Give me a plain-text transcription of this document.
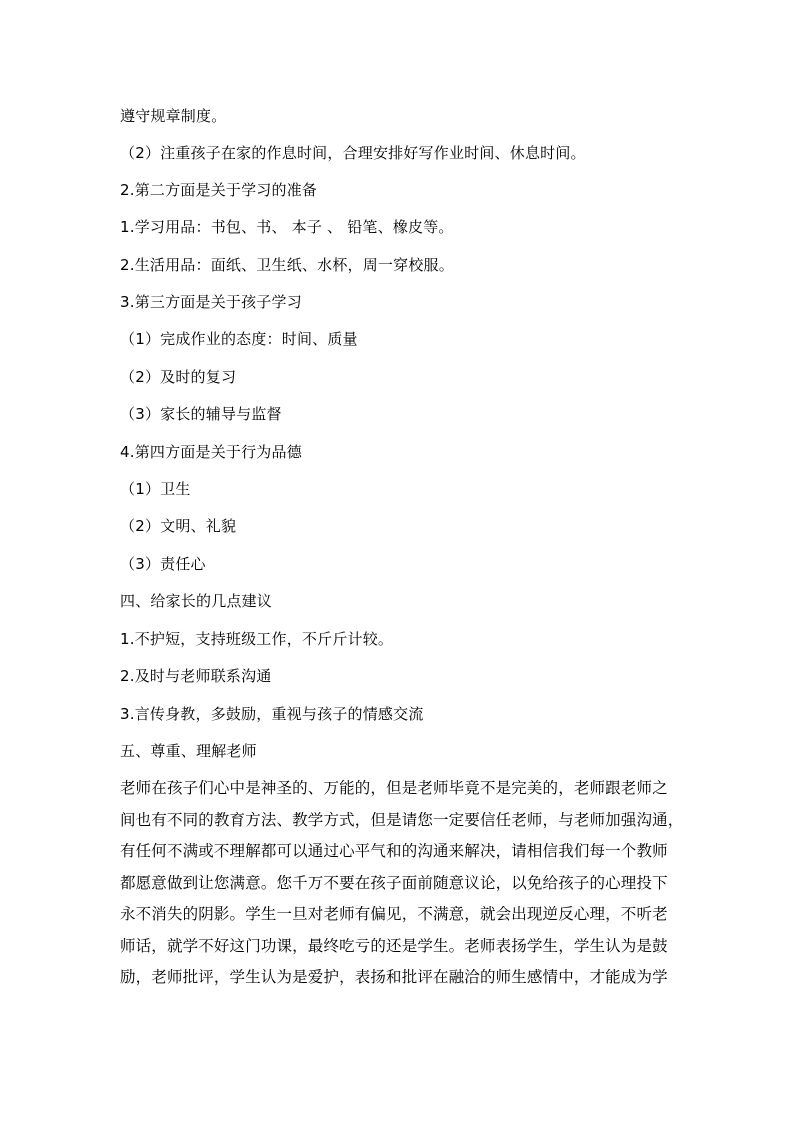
遵守规章制度。
（2）注重孩子在家的作息时间，合理安排好写作业时间、休息时间。
2.第二方面是关于学习的准备
1.学习用品：书包、书、 本子 、 铅笔、橡皮等。
2.生活用品：面纸、卫生纸、水杯，周一穿校服。
3.第三方面是关于孩子学习
（1）完成作业的态度：时间、质量
（2）及时的复习
（3）家长的辅导与监督
4.第四方面是关于行为品德
（1）卫生
（2）文明、礼貌
（3）责任心
四、给家长的几点建议
1.不护短，支持班级工作，不斤斤计较。
2.及时与老师联系沟通
3.言传身教，多鼓励，重视与孩子的情感交流
五、尊重、理解老师
老师在孩子们心中是神圣的、万能的，但是老师毕竟不是完美的，老师跟老师之
间也有不同的教育方法、教学方式，但是请您一定要信任老师，与老师加强沟通，
有任何不满或不理解都可以通过心平气和的沟通来解决，请相信我们每一个教师
都愿意做到让您满意。您千万不要在孩子面前随意议论，以免给孩子的心理投下
永不消失的阴影。学生一旦对老师有偏见，不满意，就会出现逆反心理，不听老
师话，就学不好这门功课，最终吃亏的还是学生。老师表扬学生，学生认为是鼓
励，老师批评，学生认为是爱护，表扬和批评在融洽的师生感情中，才能成为学
